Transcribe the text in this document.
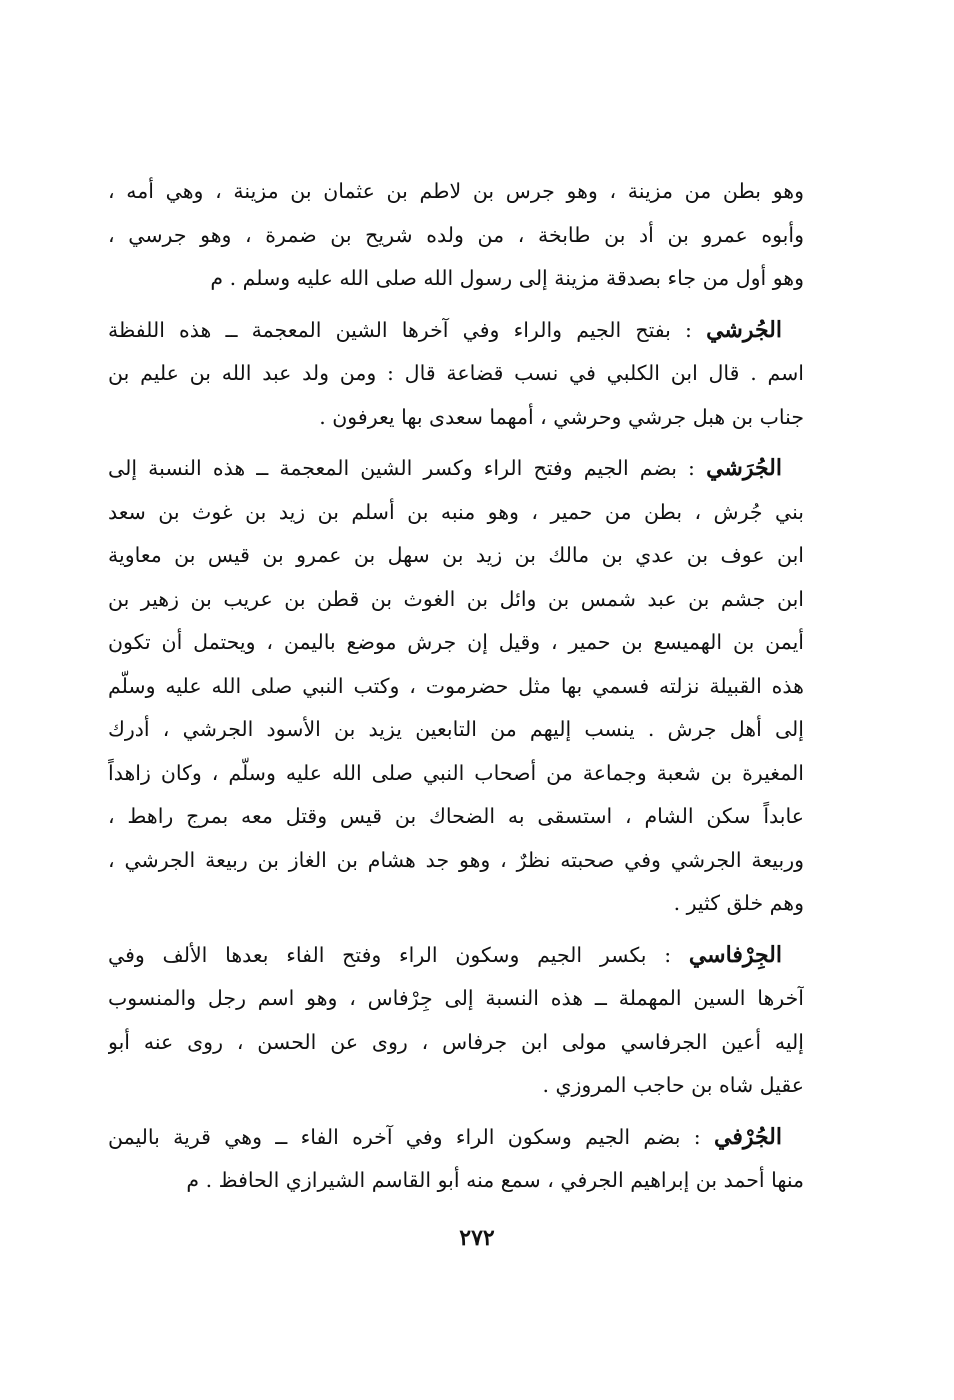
وهو بطن من مزينة ، وهو جرس بن لاطم بن عثمان بن مزينة ، وهي أمه ،
وأبوه عمرو بن أد بن طابخة ، من ولده شريح بن ضمرة ، وهو جرسي ،
وهو أول من جاء بصدقة مزينة إلى رسول الله صلى الله عليه وسلم . م
الجُرشي : بفتح الجيم والراء وفي آخرها الشين المعجمة ــ هذه اللفظة
اسم . قال ابن الكلبي في نسب قضاعة قال : ومن ولد عبد الله بن عليم بن
جناب بن هبل جرشي وحرشي ، أمهما سعدى بها يعرفون .
الجُرَشي : بضم الجيم وفتح الراء وكسر الشين المعجمة ــ هذه النسبة إلى
بني جُرش ، بطن من حمير ، وهو منبه بن أسلم بن زيد بن غوث بن سعد
ابن عوف بن عدي بن مالك بن زيد بن سهل بن عمرو بن قيس بن معاوية
ابن جشم بن عبد شمس بن وائل بن الغوث بن قطن بن عريب بن زهير بن
أيمن بن الهميسع بن حمير ، وقيل إن جرش موضع باليمن ، ويحتمل أن تكون
هذه القبيلة نزلته فسمي بها مثل حضرموت ، وكتب النبي صلى الله عليه وسلّم
إلى أهل جرش . ينسب إليهم من التابعين يزيد بن الأسود الجرشي ، أدرك
المغيرة بن شعبة وجماعة من أصحاب النبي صلى الله عليه وسلّم ، وكان زاهداً
عابداً سكن الشام ، استسقى به الضحاك بن قيس وقتل معه بمرج راهط ،
وربيعة الجرشي وفي صحبته نظرٌ ، وهو جد هشام بن الغاز بن ربيعة الجرشي ،
وهم خلق كثير .
الجِرْفاسي : بكسر الجيم وسكون الراء وفتح الفاء بعدها الألف وفي
آخرها السين المهملة ــ هذه النسبة إلى جِرْفاس ، وهو اسم رجل والمنسوب
إليه أعين الجرفاسي مولى ابن جرفاس ، روى عن الحسن ، روى عنه أبو
عقيل شاه بن حاجب المروزي .
الجُرْفي : بضم الجيم وسكون الراء وفي آخره الفاء ــ وهي قرية باليمن
منها أحمد بن إبراهيم الجرفي ، سمع منه أبو القاسم الشيرازي الحافظ . م
٢٧٢
